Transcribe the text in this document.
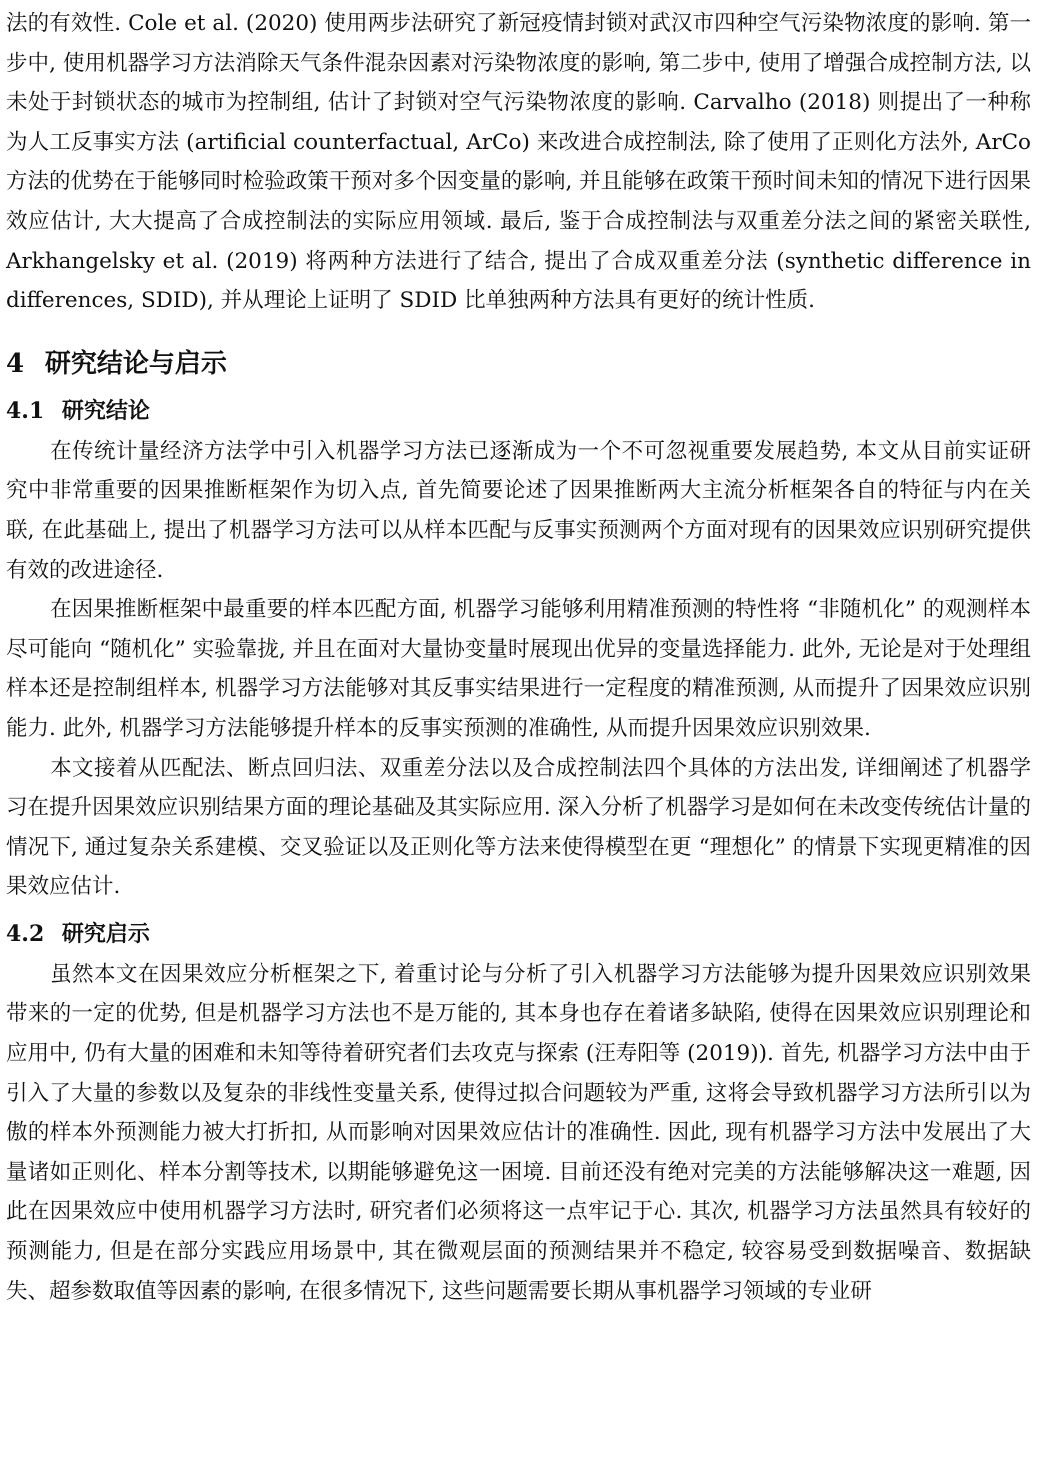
法的有效性. Cole et al. (2020) 使用两步法研究了新冠疫情封锁对武汉市四种空气污染物浓度的影响. 第一步中, 使用机器学习方法消除天气条件混杂因素对污染物浓度的影响, 第二步中, 使用了增强合成控制方法, 以未处于封锁状态的城市为控制组, 估计了封锁对空气污染物浓度的影响. Carvalho (2018) 则提出了一种称为人工反事实方法 (artificial counterfactual, ArCo) 来改进合成控制法, 除了使用了正则化方法外, ArCo 方法的优势在于能够同时检验政策干预对多个因变量的影响, 并且能够在政策干预时间未知的情况下进行因果效应估计, 大大提高了合成控制法的实际应用领域. 最后, 鉴于合成控制法与双重差分法之间的紧密关联性, Arkhangelsky et al. (2019) 将两种方法进行了结合, 提出了合成双重差分法 (synthetic difference in differences, SDID), 并从理论上证明了 SDID 比单独两种方法具有更好的统计性质.

4 研究结论与启示
4.1 研究结论

在传统计量经济方法学中引入机器学习方法已逐渐成为一个不可忽视重要发展趋势, 本文从目前实证研究中非常重要的因果推断框架作为切入点, 首先简要论述了因果推断两大主流分析框架各自的特征与内在关联, 在此基础上, 提出了机器学习方法可以从样本匹配与反事实预测两个方面对现有的因果效应识别研究提供有效的改进途径.

在因果推断框架中最重要的样本匹配方面, 机器学习能够利用精准预测的特性将 “非随机化” 的观测样本尽可能向 “随机化” 实验靠拢, 并且在面对大量协变量时展现出优异的变量选择能力. 此外, 无论是对于处理组样本还是控制组样本, 机器学习方法能够对其反事实结果进行一定程度的精准预测, 从而提升了因果效应识别能力. 此外, 机器学习方法能够提升样本的反事实预测的准确性, 从而提升因果效应识别效果.

本文接着从匹配法、断点回归法、双重差分法以及合成控制法四个具体的方法出发, 详细阐述了机器学习在提升因果效应识别结果方面的理论基础及其实际应用. 深入分析了机器学习是如何在未改变传统估计量的情况下, 通过复杂关系建模、交叉验证以及正则化等方法来使得模型在更 “理想化” 的情景下实现更精准的因果效应估计.

4.2 研究启示

虽然本文在因果效应分析框架之下, 着重讨论与分析了引入机器学习方法能够为提升因果效应识别效果带来的一定的优势, 但是机器学习方法也不是万能的, 其本身也存在着诸多缺陷, 使得在因果效应识别理论和应用中, 仍有大量的困难和未知等待着研究者们去攻克与探索 (汪寿阳等 (2019)). 首先, 机器学习方法中由于引入了大量的参数以及复杂的非线性变量关系, 使得过拟合问题较为严重, 这将会导致机器学习方法所引以为傲的样本外预测能力被大打折扣, 从而影响对因果效应估计的准确性. 因此, 现有机器学习方法中发展出了大量诸如正则化、样本分割等技术, 以期能够避免这一困境. 目前还没有绝对完美的方法能够解决这一难题, 因此在因果效应中使用机器学习方法时, 研究者们必须将这一点牢记于心. 其次, 机器学习方法虽然具有较好的预测能力, 但是在部分实践应用场景中, 其在微观层面的预测结果并不稳定, 较容易受到数据噪音、数据缺失、超参数取值等因素的影响, 在很多情况下, 这些问题需要长期从事机器学习领域的专业研
